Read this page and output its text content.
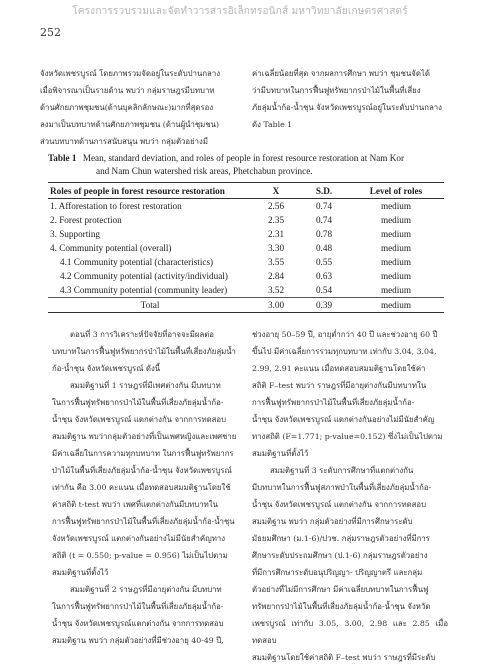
โครงการรวบรวมและจัดทำวารสารอิเล็กทรอนิกส์ มหาวิทยาลัยเกษตรศาสตร์
252

จังหวัดเพชรบูรณ์ โดยภาพรวมจัดอยู่ในระดับปานกลาง

เมื่อพิจารณาเป็นรายด้าน พบว่า กลุ่มราษฎรมีบทบาท

ด้านศักยภาพชุมชน(ด้านบุคลิกลักษณะ)มากที่สุดรอง

ลงมาเป็นบทบาทด้านศักยภาพชุมชน (ด้านผู้นำชุมชน)

ส่วนบทบาทด้านการสนับสนุน พบว่า กลุ่มตัวอย่างมี

ค่าเฉลี่ยน้อยที่สุด จากผลการศึกษา พบว่า ชุมชนจัดได้

ว่ามีบทบาทในการฟื้นฟูทรัพยากรป่าไม้ในพื้นที่เสี่ยง

ภัยลุ่มน้ำก้อ-น้ำชุน จังหวัดเพชรบูรณ์อยู่ในระดับปานกลาง

ดัง Table 1

Table 1 Mean, standard deviation, and roles of people in forest resource restoration at Nam Kor
and Nam Chun watershed risk areas, Phetchabun province.
Roles of people in forest resource restoration	X	S.D.	Level of roles
1. Afforestation to forest restoration	2.56	0.74	medium
2. Forest protection	2.35	0.74	medium
3. Supporting	2.31	0.78	medium
4. Community potential (overall)	3.30	0.48	medium
4.1 Community potential (characteristics)	3.55	0.55	medium
4.2 Community potential (activity/individual)	2.84	0.63	medium
4.3 Community potential (community leader)	3.52	0.54	medium
Total	3.00	0.39	medium

ตอนที่ 3 การวิเคราะห์ปัจจัยที่อาจจะมีผลต่อ

บทบาทในการฟื้นฟูทรัพยากรป่าไม้ในพื้นที่เสี่ยงภัยลุ่มน้ำ

ก้อ-น้ำชุน จังหวัดเพชรบูรณ์ ดังนี้

สมมติฐานที่ 1 ราษฎรที่มีเพศต่างกัน มีบทบาท

ในการฟื้นฟูทรัพยากรป่าไม้ในพื้นที่เสี่ยงภัยลุ่มน้ำก้อ-

น้ำชุน จังหวัดเพชรบูรณ์ แตกต่างกัน จากการทดสอบ

สมมติฐาน พบว่ากลุ่มตัวอย่างที่เป็นเพศหญิงและเพศชาย

มีค่าเฉลี่ยในการความทุกบทบาท ในการฟื้นฟูทรัพยากร

ป่าไม้ในพื้นที่เสี่ยงภัยลุ่มน้ำก้อ-น้ำชุน จังหวัดเพชรบูรณ์

เท่ากัน คือ 3.00 คะแนน เมื่อทดสอบสมมติฐานโดยใช้

ค่าสถิติ t-test พบว่า เพศที่แตกต่างกันมีบทบาทใน

การฟื้นฟูทรัพยากรป่าไม้ในพื้นที่เสี่ยงภัยลุ่มน้ำก้อ-น้ำชุน

จังหวัดเพชรบูรณ์ แตกต่างกันอย่างไม่มีนัยสำคัญทาง

สถิติ (t = 0.550; p-value = 0.956) ไม่เป็นไปตาม

สมมติฐานที่ตั้งไว้

สมมติฐานที่ 2 ราษฎรที่มีอายุต่างกัน มีบทบาท

ในการฟื้นฟูทรัพยากรป่าไม้ในพื้นที่เสี่ยงภัยลุ่มน้ำก้อ-

น้ำชุน จังหวัดเพชรบูรณ์แตกต่างกัน จากการทดสอบ

สมมติฐาน พบว่า กลุ่มตัวอย่างที่มีช่วงอายุ 40-49 ปี,

ช่วงอายุ 50–59 ปี, อายุต่ำกว่า 40 ปี และช่วงอายุ 60 ปี

ขึ้นไป มีค่าเฉลี่ยการรวมทุกบทบาท เท่ากับ 3.04, 3.04,

2.99, 2.91 คะแนน เมื่อทดสอบสมมติฐานโดยใช้ค่า

สถิติ F–test พบว่า ราษฎรที่มีอายุต่างกันมีบทบาทใน

การฟื้นฟูทรัพยากรป่าไม้ในพื้นที่เสี่ยงภัยลุ่มน้ำก้อ-

น้ำชุน จังหวัดเพชรบูรณ์ แตกต่างกันอย่างไม่มีนัยสำคัญ

ทางสถิติ (F=1.771; p-value=0.152) ซึ่งไม่เป็นไปตาม

สมมติฐานที่ตั้งไว้

สมมติฐานที่ 3 ระดับการศึกษาที่แตกต่างกัน

มีบทบาทในการฟื้นฟูสภาพป่าในพื้นที่เสี่ยงภัยลุ่มน้ำก้อ-

น้ำชุน จังหวัดเพชรบูรณ์ แตกต่างกัน จากการทดสอบ

สมมติฐาน พบว่า กลุ่มตัวอย่างที่มีการศึกษาระดับ

มัธยมศึกษา (ม.1-6)/ปวช. กลุ่มราษฎรตัวอย่างที่มีการ

ศึกษาระดับประถมศึกษา (ป.1-6) กลุ่มราษฎรตัวอย่าง

ที่มีการศึกษาระดับอนุปริญญา- ปริญญาตรี และกลุ่ม

ตัวอย่างที่ไม่มีการศึกษา มีค่าเฉลี่ยบทบาทในการฟื้นฟู

ทรัพยากรป่าไม้ในพื้นที่เสี่ยงภัยลุ่มน้ำก้อ-น้ำชุน จังหวัด

เพชรบูรณ์ เท่ากับ 3.05, 3.00, 2.98 และ 2.85 เมื่อทดสอบ

สมมติฐานโดยใช้ค่าสถิติ F–test พบว่า ราษฎรที่มีระดับ
